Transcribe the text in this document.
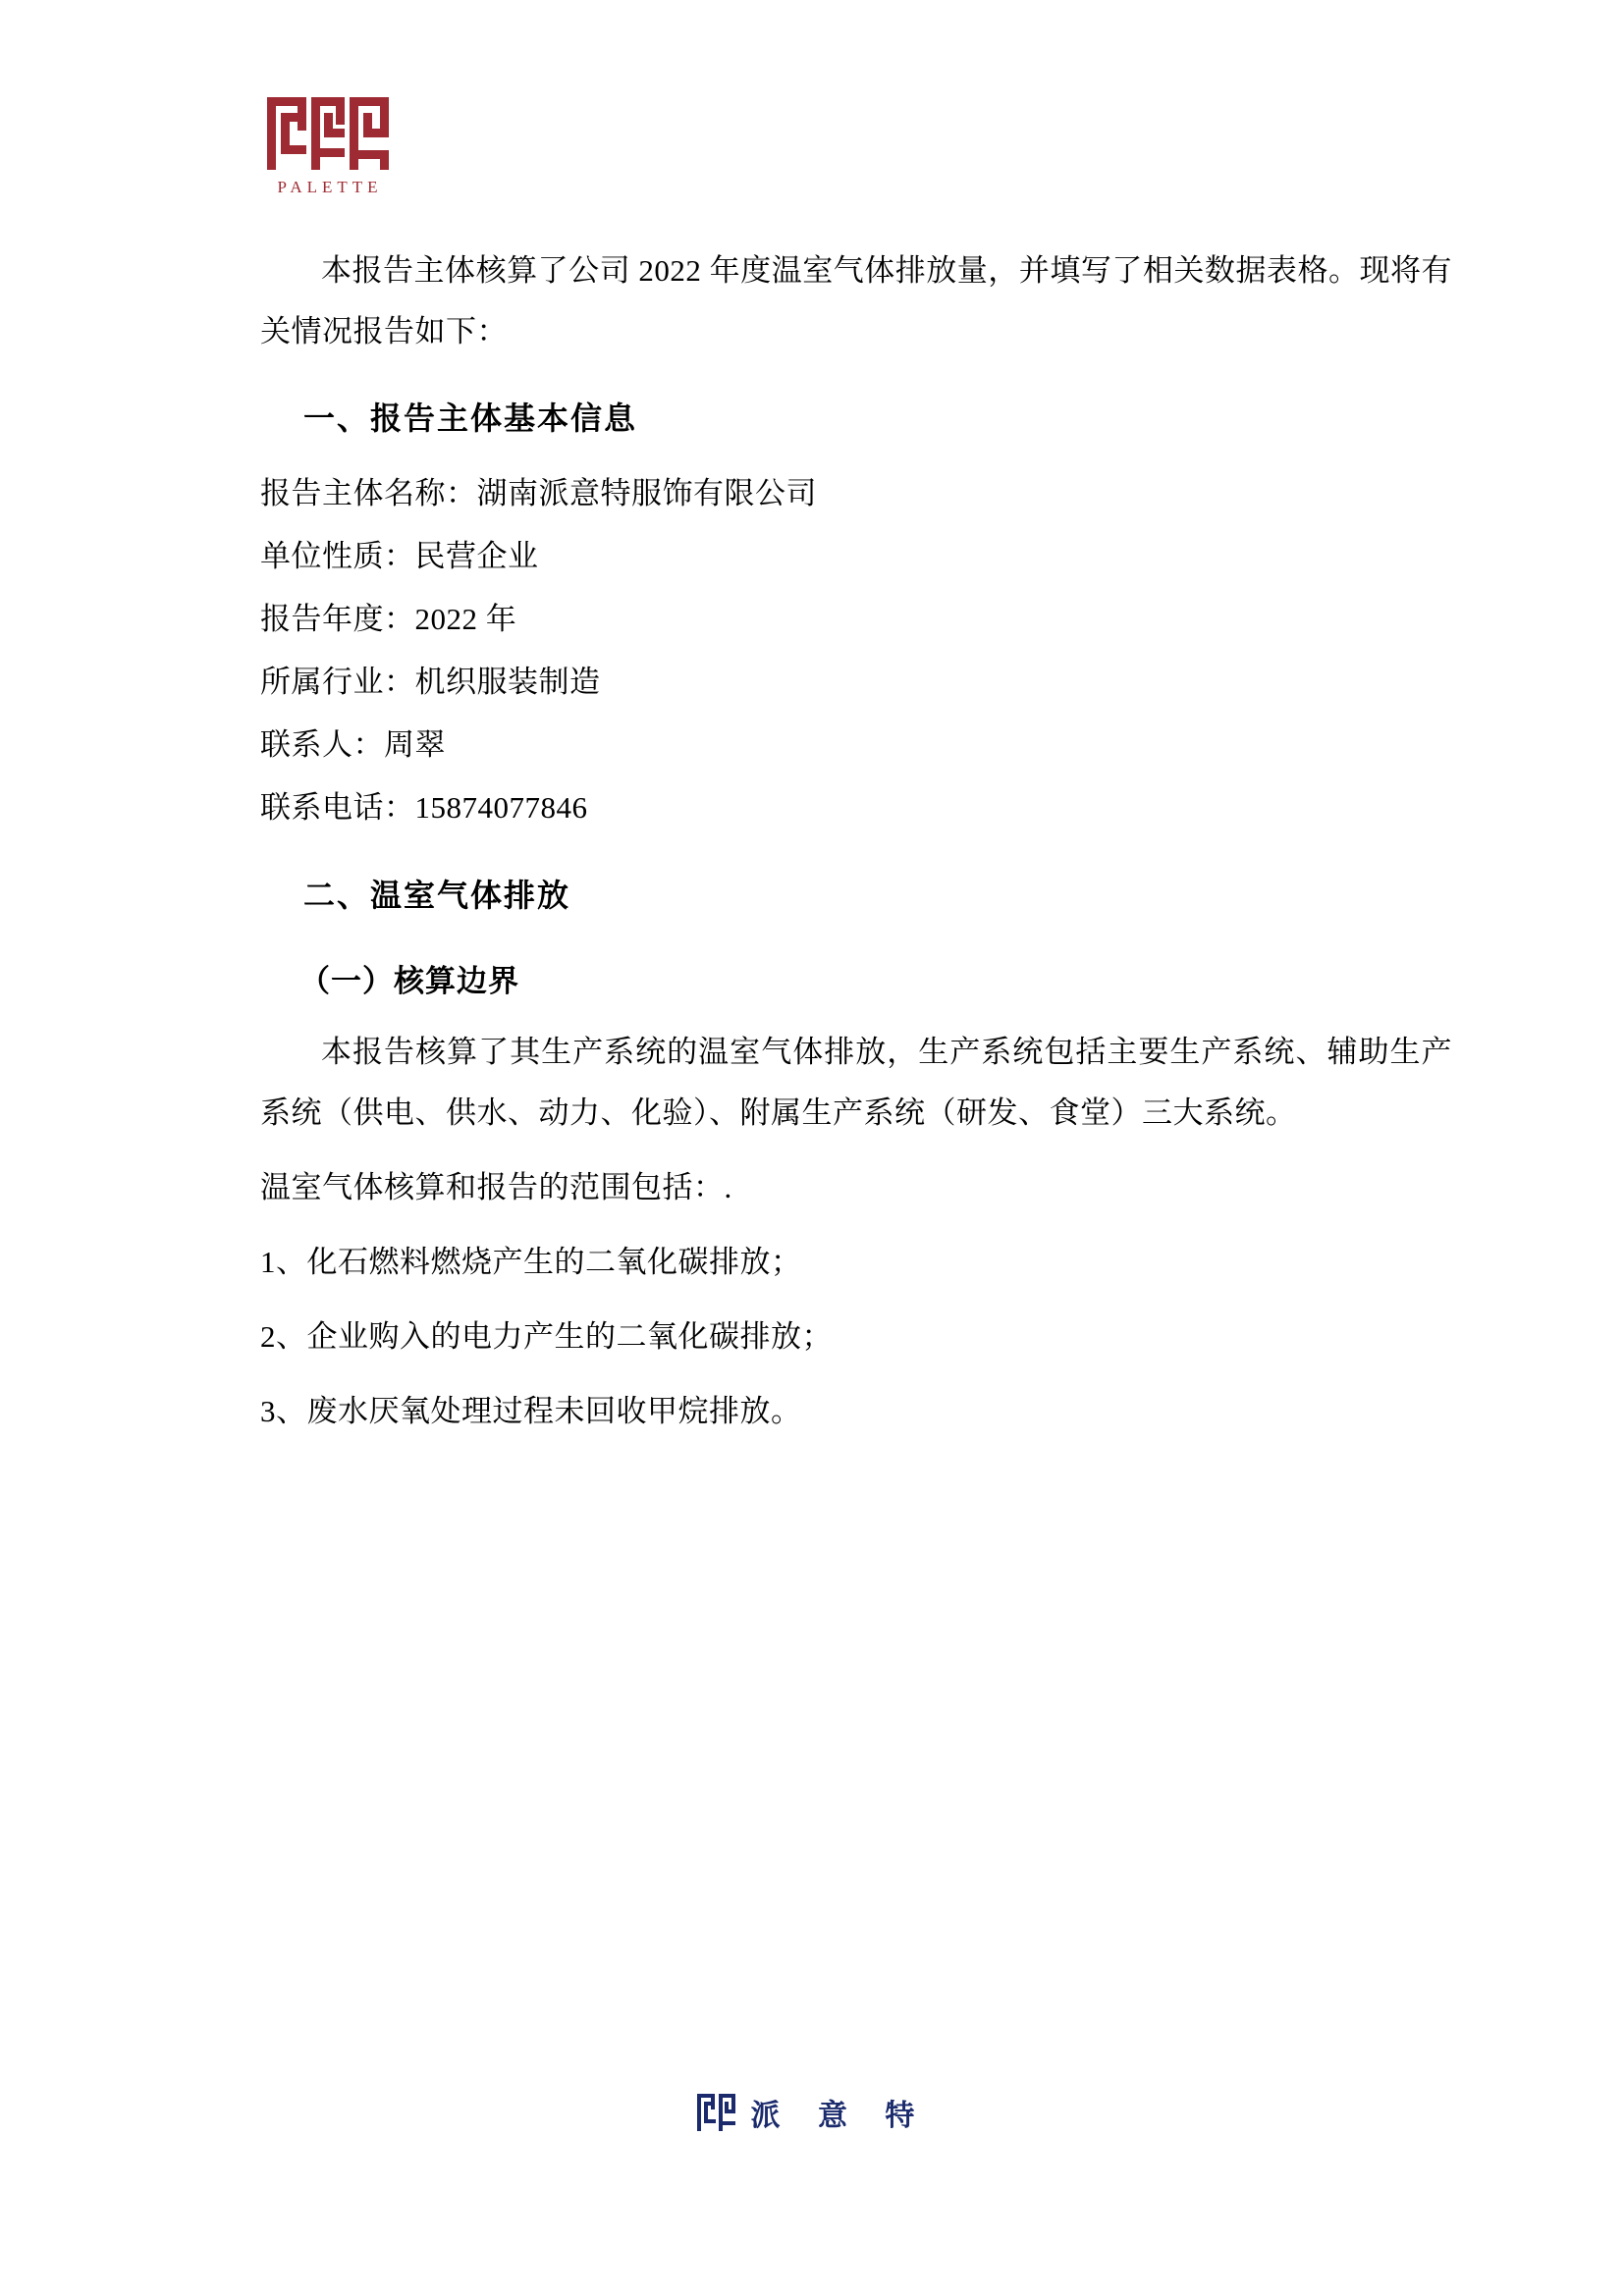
PALETTE

本报告主体核算了公司 2022 年度温室气体排放量，并填写了相关数据表格。现将有关情况报告如下：

一、报告主体基本信息

报告主体名称：湖南派意特服饰有限公司

单位性质：民营企业

报告年度：2022 年

所属行业：机织服装制造

联系人：周翠

联系电话：15874077846

二、温室气体排放
（一）核算边界

本报告核算了其生产系统的温室气体排放，生产系统包括主要生产系统、辅助生产系统（供电、供水、动力、化验）、附属生产系统（研发、食堂）三大系统。

温室气体核算和报告的范围包括：.

1、化石燃料燃烧产生的二氧化碳排放；

2、企业购入的电力产生的二氧化碳排放；

3、废水厌氧处理过程未回收甲烷排放。

派 意 特
